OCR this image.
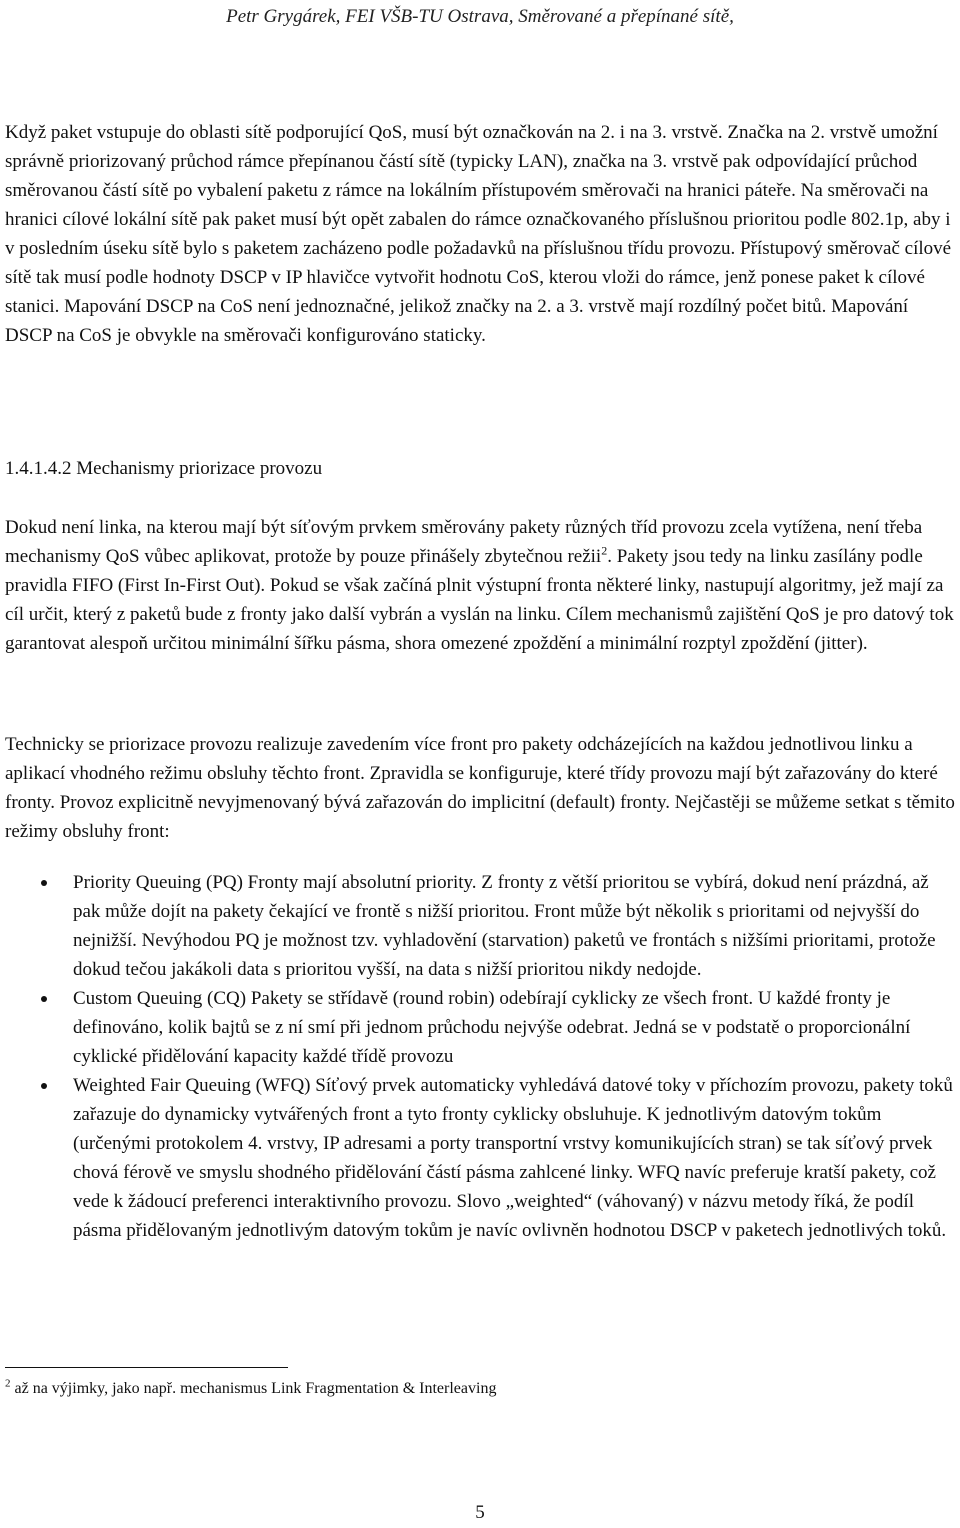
Petr Grygárek, FEI VŠB-TU Ostrava, Směrované a přepínané sítě,

Když paket vstupuje do oblasti sítě podporující QoS, musí být označkován na 2. i na 3. vrstvě. Značka na 2. vrstvě umožní správně priorizovaný průchod rámce přepínanou částí sítě (typicky LAN), značka na 3. vrstvě pak odpovídající průchod směrovanou částí sítě po vybalení paketu z rámce na lokálním přístupovém směrovači na hranici páteře. Na směrovači na hranici cílové lokální sítě pak paket musí být opět zabalen do rámce označkovaného příslušnou prioritou podle 802.1p, aby i v posledním úseku sítě bylo s paketem zacházeno podle požadavků na příslušnou třídu provozu. Přístupový směrovač cílové sítě tak musí podle hodnoty DSCP v IP hlavičce vytvořit hodnotu CoS, kterou vloži do rámce, jenž ponese paket k cílové stanici. Mapování DSCP na CoS není jednoznačné, jelikož značky na 2. a 3. vrstvě mají rozdílný počet bitů. Mapování DSCP na CoS je obvykle na směrovači konfigurováno staticky.

1.4.1.4.2 Mechanismy priorizace provozu

Dokud není linka, na kterou mají být síťovým prvkem směrovány pakety různých tříd provozu zcela vytížena, není třeba mechanismy QoS vůbec aplikovat, protože by pouze přinášely zbytečnou režii$^2$. Pakety jsou tedy na linku zasílány podle pravidla FIFO (First In-First Out). Pokud se však začíná plnit výstupní fronta některé linky, nastupují algoritmy, jež mají za cíl určit, který z paketů bude z fronty jako další vybrán a vyslán na linku. Cílem mechanismů zajištění QoS je pro datový tok garantovat alespoň určitou minimální šířku pásma, shora omezené zpoždění a minimální rozptyl zpoždění (jitter).

Technicky se priorizace provozu realizuje zavedením více front pro pakety odcházejících na každou jednotlivou linku a aplikací vhodného režimu obsluhy těchto front. Zpravidla se konfiguruje, které třídy provozu mají být zařazovány do které fronty. Provoz explicitně nevyjmenovaný bývá zařazován do implicitní (default) fronty. Nejčastěji se můžeme setkat s těmito režimy obsluhy front:

Priority Queuing (PQ) Fronty mají absolutní priority. Z fronty z větší prioritou se vybírá, dokud není prázdná, až pak může dojít na pakety čekající ve frontě s nižší prioritou. Front může být několik s prioritami od nejvyšší do nejnižší. Nevýhodou PQ je možnost tzv. vyhladovění (starvation) paketů ve frontách s nižšími prioritami, protože dokud tečou jakákoli data s prioritou vyšší, na data s nižší prioritou nikdy nedojde.
Custom Queuing (CQ) Pakety se střídavě (round robin) odebírají cyklicky ze všech front. U každé fronty je definováno, kolik bajtů se z ní smí při jednom průchodu nejvýše odebrat. Jedná se v podstatě o proporcionální cyklické přidělování kapacity každé třídě provozu
Weighted Fair Queuing (WFQ) Síťový prvek automaticky vyhledává datové toky v příchozím provozu, pakety toků zařazuje do dynamicky vytvářených front a tyto fronty cyklicky obsluhuje. K jednotlivým datovým tokům (určenými protokolem 4. vrstvy, IP adresami a porty transportní vrstvy komunikujících stran) se tak síťový prvek chová férově ve smyslu shodného přidělování částí pásma zahlcené linky. WFQ navíc preferuje kratší pakety, což vede k žádoucí preferenci interaktivního provozu. Slovo „weighted“ (váhovaný) v názvu metody říká, že podíl pásma přidělovaným jednotlivým datovým tokům je navíc ovlivněn hodnotou DSCP v paketech jednotlivých toků.
$^2$ až na výjimky, jako např. mechanismus Link Fragmentation & Interleaving
5
